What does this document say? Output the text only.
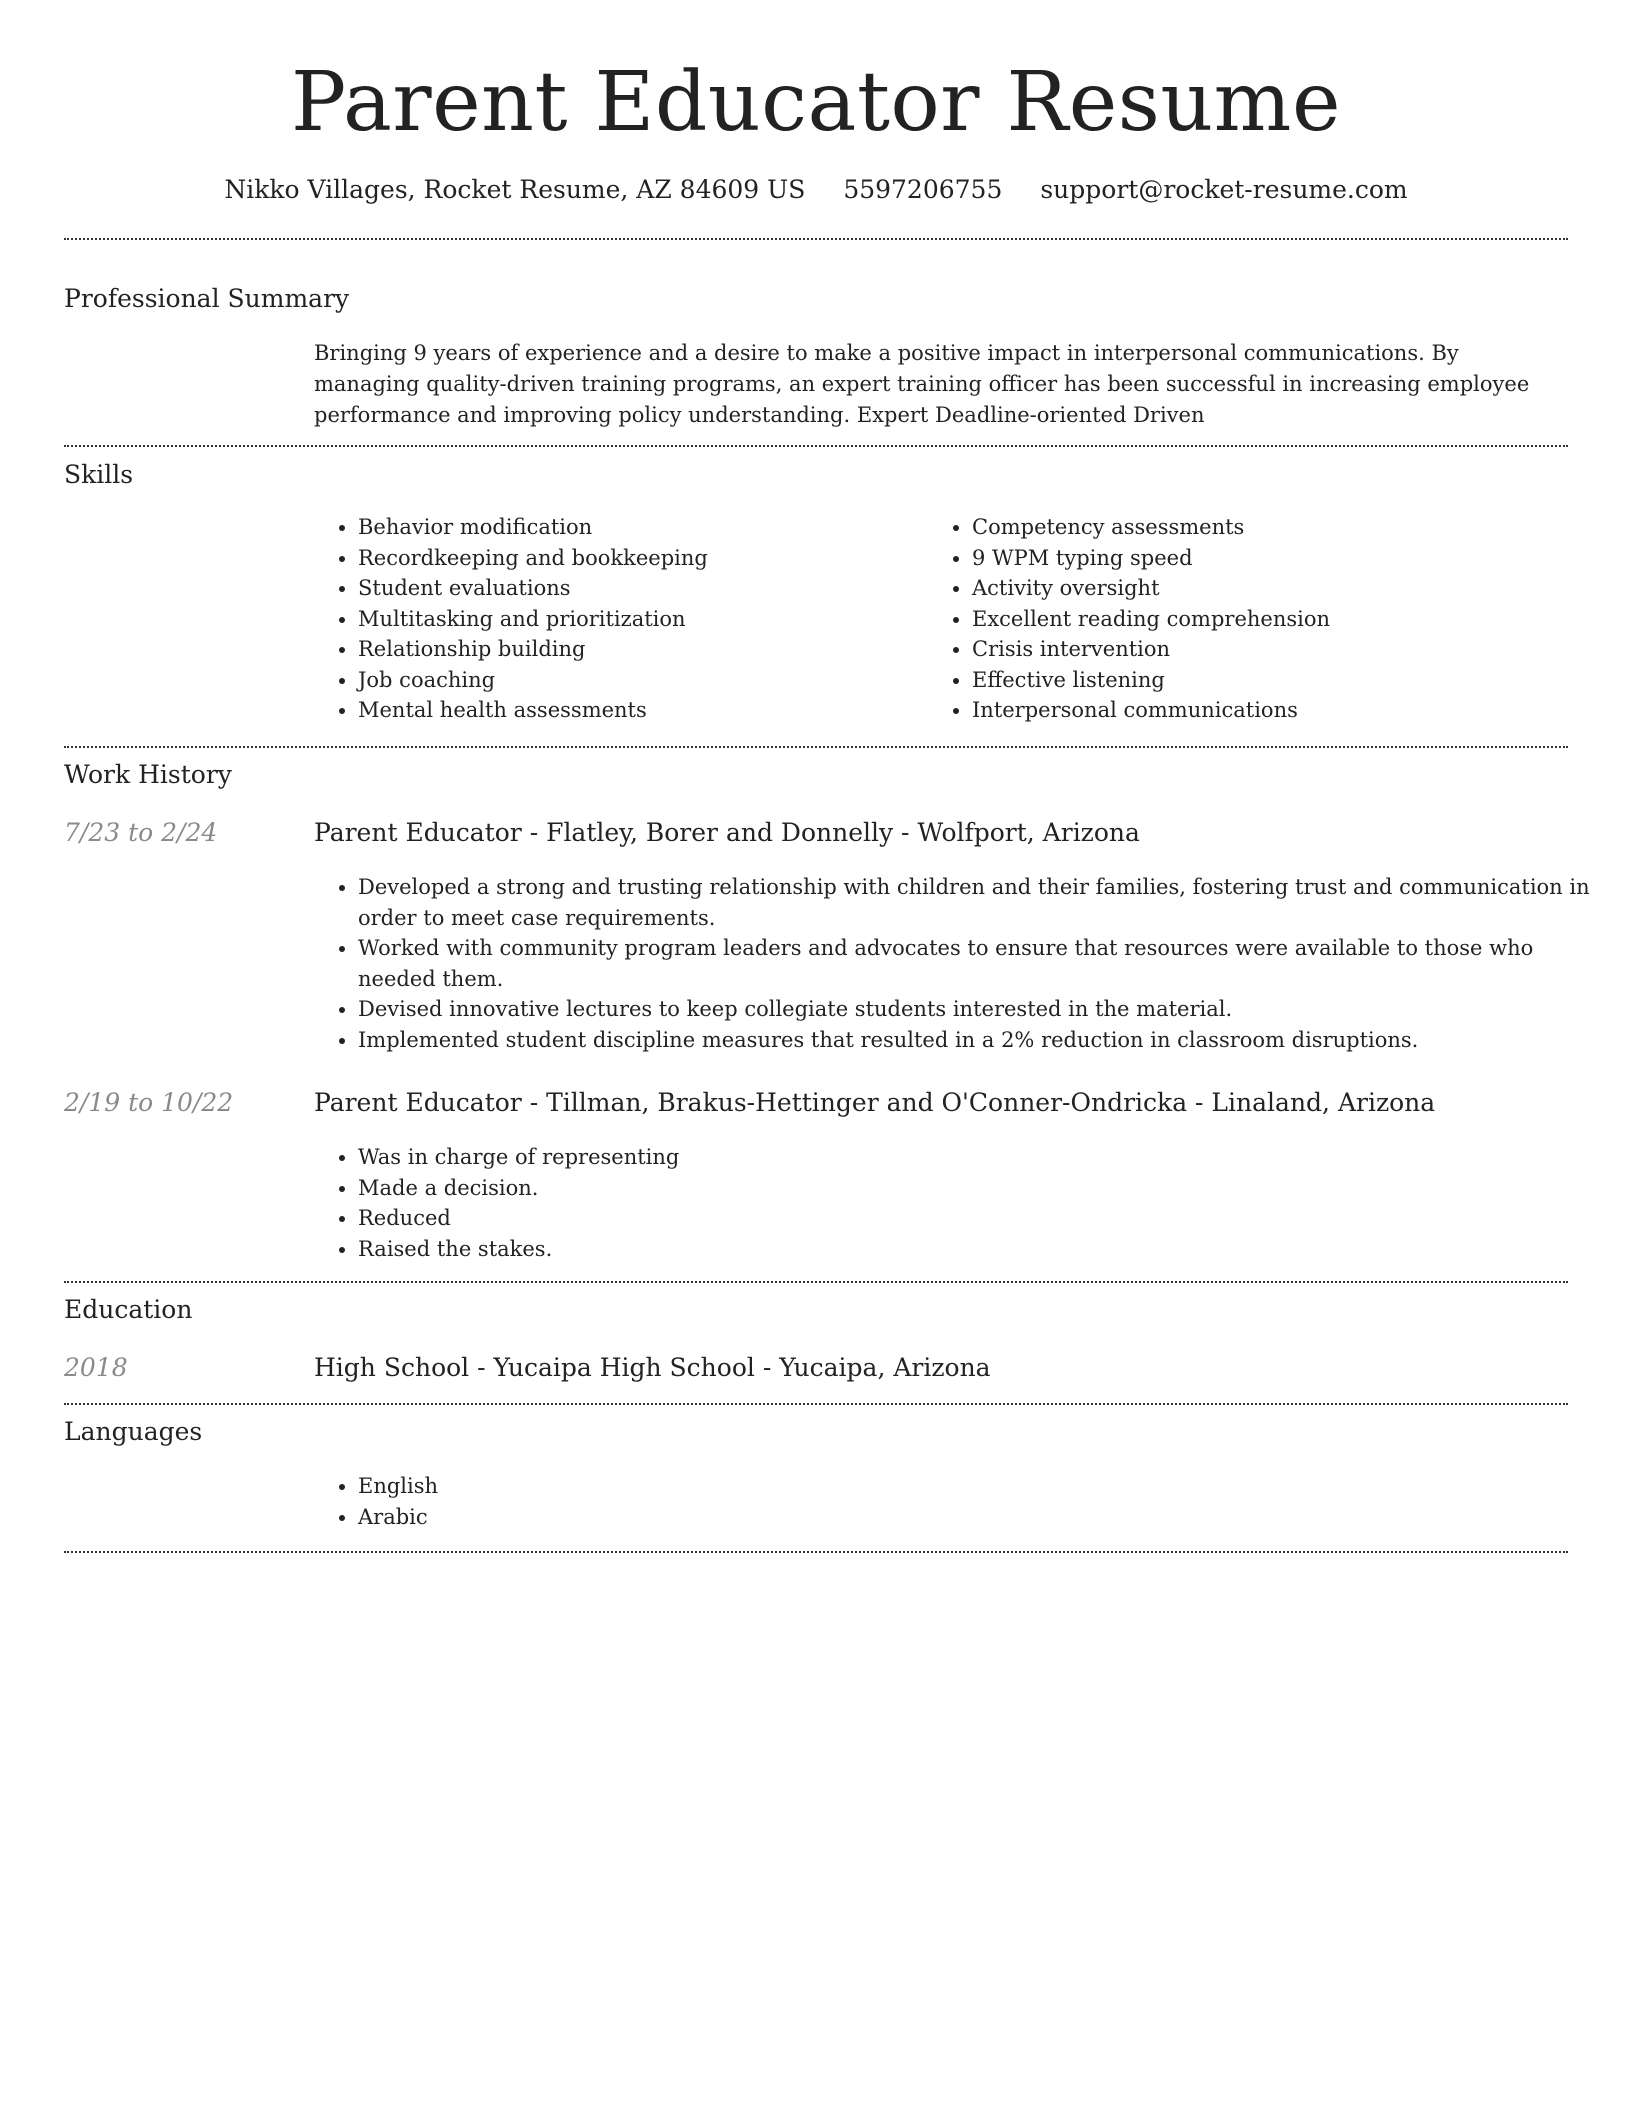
Parent Educator Resume
Nikko Villages, Rocket Resume, AZ 84609 US 5597206755 support@rocket-resume.com
Professional Summary
Bringing 9 years of experience and a desire to make a positive impact in interpersonal communications. By managing quality-driven training programs, an expert training officer has been successful in increasing employee performance and improving policy understanding. Expert Deadline-oriented Driven
Skills
• Behavior modification
• Recordkeeping and bookkeeping
• Student evaluations
• Multitasking and prioritization
• Relationship building
• Job coaching
• Mental health assessments
• Competency assessments
• 9 WPM typing speed
• Activity oversight
• Excellent reading comprehension
• Crisis intervention
• Effective listening
• Interpersonal communications
Work History
7/23 to 2/24	Parent Educator - Flatley, Borer and Donnelly - Wolfport, Arizona
• Developed a strong and trusting relationship with children and their families, fostering trust and communication in order to meet case requirements.
• Worked with community program leaders and advocates to ensure that resources were available to those who needed them.
• Devised innovative lectures to keep collegiate students interested in the material.
• Implemented student discipline measures that resulted in a 2% reduction in classroom disruptions.
2/19 to 10/22	Parent Educator - Tillman, Brakus-Hettinger and O'Conner-Ondricka - Linaland, Arizona
• Was in charge of representing
• Made a decision.
• Reduced
• Raised the stakes.
Education
2018	High School - Yucaipa High School - Yucaipa, Arizona
Languages
• English
• Arabic
